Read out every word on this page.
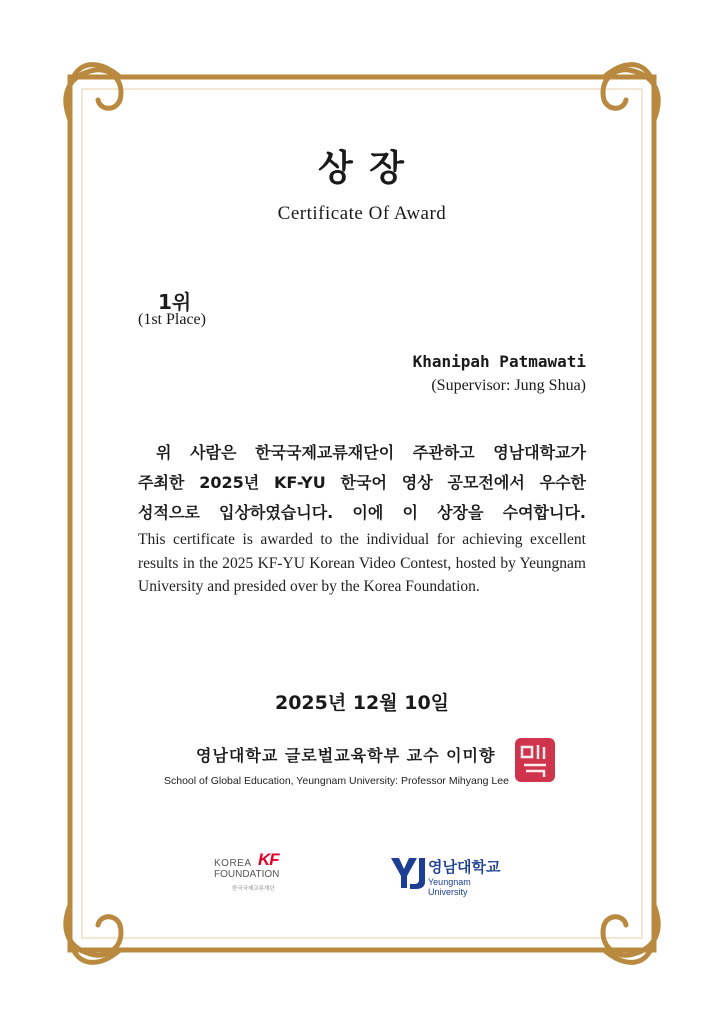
상 장
Certificate Of Award
1위
(1st Place)
Khanipah Patmawati
(Supervisor: Jung Shua)
위 사람은 한국국제교류재단이 주관하고 영남대학교가
주최한 2025년 KF-YU 한국어 영상 공모전에서 우수한
성적으로 입상하였습니다. 이에 이 상장을 수여합니다.
This certificate is awarded to the individual for achieving excellent results in the 2025 KF-YU Korean Video Contest, hosted by Yeungnam University and presided over by the Korea Foundation.
2025년 12월 10일
영남대학교 글로벌교육학부 교수 이미향
School of Global Education, Yeungnam University: Professor Mihyang Lee
KOREA
FOUNDATION
한국국제교류재단
KF	영남대학교
Yeungnam University
